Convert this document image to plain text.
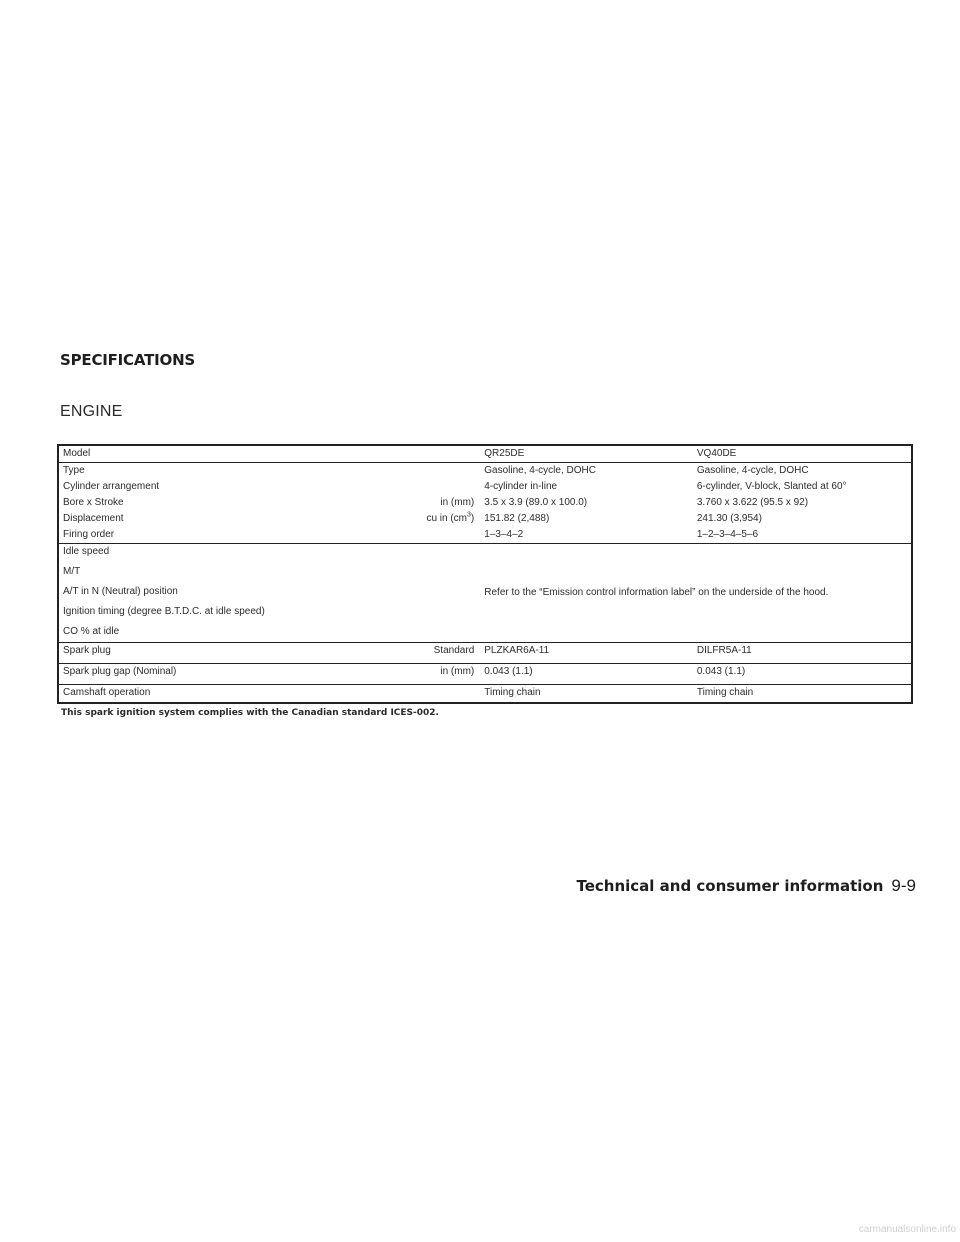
SPECIFICATIONS
ENGINE
Model		QR25DE	VQ40DE
Type		Gasoline, 4-cycle, DOHC	Gasoline, 4-cycle, DOHC
Cylinder arrangement		4-cylinder in-line	6-cylinder, V-block, Slanted at 60°
Bore x Stroke	in (mm)	3.5 x 3.9 (89.0 x 100.0)	3.760 x 3.622 (95.5 x 92)
Displacement	cu in $(cm^3)$	151.82 (2,488)	241.30 (3,954)
Firing order		1–3–4–2	1–2–3–4–5–6

Idle speed
M/T
A/T in N (Neutral) position
Ignition timing (degree B.T.D.C. at idle speed)
CO % at idle		Refer to the “Emission control information label” on the underside of the hood.	
Spark plug	Standard	PLZKAR6A-11	DILFR5A-11
Spark plug gap (Nominal)	in (mm)	0.043 (1.1)	0.043 (1.1)
Camshaft operation		Timing chain	Timing chain

This spark ignition system complies with the Canadian standard ICES-002.

Technical and consumer information 9-9
carmanualsonline.info
